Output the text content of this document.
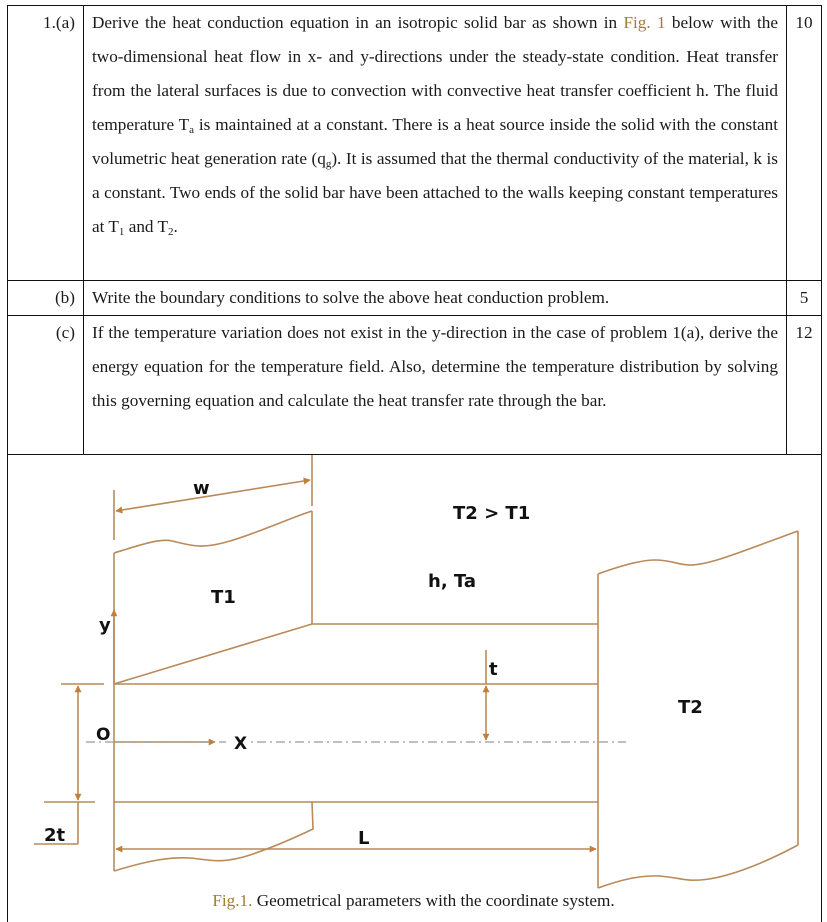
1.(a)	Derive the heat conduction equation in an isotropic solid bar as shown in Fig. 1 below with the two-dimensional heat flow in x- and y-directions under the steady-state condition. Heat transfer from the lateral surfaces is due to convection with convective heat transfer coefficient h. The fluid temperature $T_a$ is maintained at a constant. There is a heat source inside the solid with the constant volumetric heat generation rate $(q_g)$. It is assumed that the thermal conductivity of the material, k is a constant. Two ends of the solid bar have been attached to the walls keeping constant temperatures at $T_1$ and $T_2$.	10
(b)	Write the boundary conditions to solve the above heat conduction problem.	5
(c)	If the temperature variation does not exist in the y-direction in the case of problem 1(a), derive the energy equation for the temperature field. Also, determine the temperature distribution by solving this governing equation and calculate the heat transfer rate through the bar.	12
w
T2 > T1
h, Ta
T1
y
t
T2
O	X
2t	L
Fig.1. Geometrical parameters with the coordinate system.
